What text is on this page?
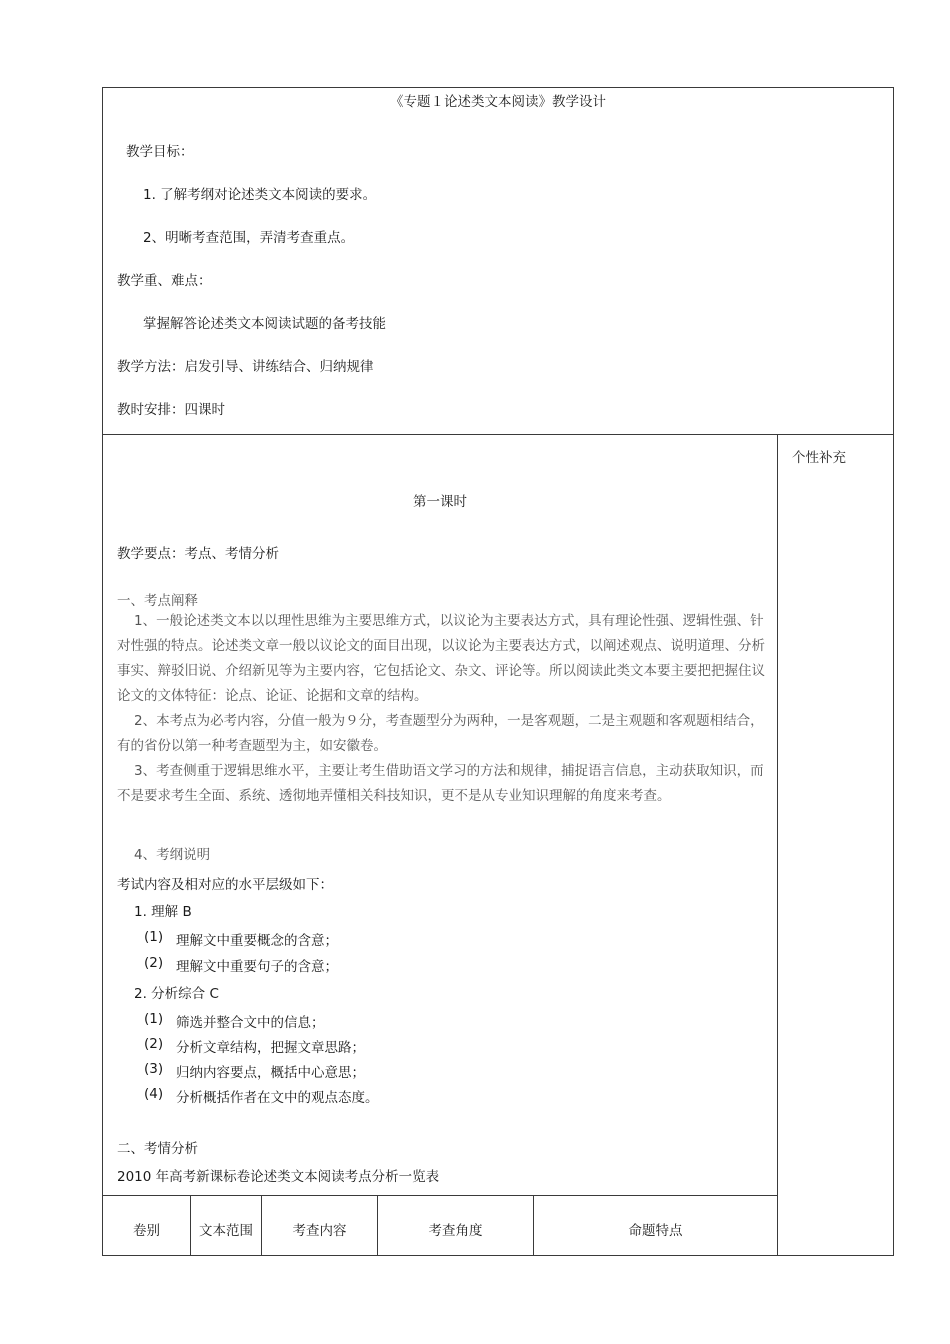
《专题１论述类文本阅读》教学设计
教学目标：
1. 了解考纲对论述类文本阅读的要求。
2、明晰考查范围，弄清考查重点。
教学重、难点：
掌握解答论述类文本阅读试题的备考技能
教学方法：启发引导、讲练结合、归纳规律
教时安排：四课时
个性补充
第一课时
教学要点：考点、考情分析
一、考点阐释
1、一般论述类文本以以理性思维为主要思维方式，以议论为主要表达方式，具有理论性强、逻辑性强、针对性强的特点。论述类文章一般以议论文的面目出现，以议论为主要表达方式，以阐述观点、说明道理、分析事实、辩驳旧说、介绍新见等为主要内容，它包括论文、杂文、评论等。所以阅读此类文本要主要把把握住议论文的文体特征：论点、论证、论据和文章的结构。
2、本考点为必考内容，分值一般为９分，考查题型分为两种，一是客观题，二是主观题和客观题相结合，有的省份以第一种考查题型为主，如安徽卷。
3、考查侧重于逻辑思维水平，主要让考生借助语文学习的方法和规律，捕捉语言信息，主动获取知识，而不是要求考生全面、系统、透彻地弄懂相关科技知识，更不是从专业知识理解的角度来考查。
4、考纲说明
考试内容及相对应的水平层级如下：
1. 理解 B
(1) 理解文中重要概念的含意；
(2) 理解文中重要句子的含意；
2. 分析综合 C
(1) 筛选并整合文中的信息；
(2) 分析文章结构，把握文章思路；
(3) 归纳内容要点，概括中心意思；
(4) 分析概括作者在文中的观点态度。
二、考情分析
2010 年高考新课标卷论述类文本阅读考点分析一览表
卷别	文本范围	考查内容	考查角度	命题特点
